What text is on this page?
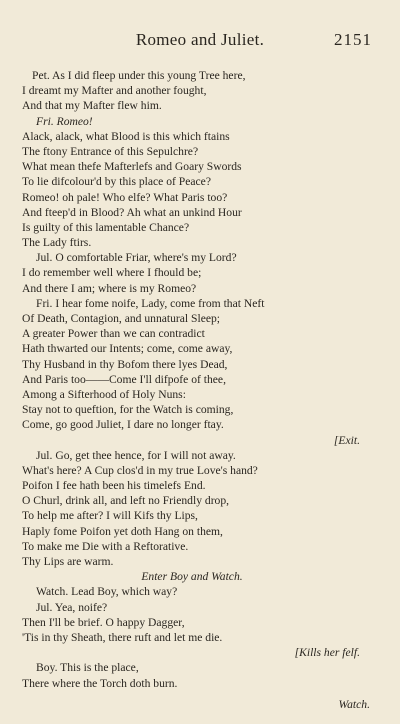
Romeo and Juliet.	2151
Pet. As I did fleep under this young Tree here,
I dreamt my Mafter and another fought,
And that my Mafter flew him.
Fri. Romeo!
Alack, alack, what Blood is this which ftains
The ftony Entrance of this Sepulchre?
What mean thefe Mafterlefs and Goary Swords
To lie difcolour'd by this place of Peace?
Romeo! oh pale! Who elfe? What Paris too?
And fteep'd in Blood? Ah what an unkind Hour
Is guilty of this lamentable Chance?
The Lady ftirs.
Jul. O comfortable Friar, where's my Lord?
I do remember well where I fhould be;
And there I am; where is my Romeo?
Fri. I hear fome noife, Lady, come from that Neft
Of Death, Contagion, and unnatural Sleep;
A greater Power than we can contradict
Hath thwarted our Intents; come, come away,
Thy Husband in thy Bofom there lyes Dead,
And Paris too——Come I'll difpofe of thee,
Among a Sifterhood of Holy Nuns:
Stay not to queftion, for the Watch is coming,
Come, go good Juliet, I dare no longer ftay.
[Exit.
Jul. Go, get thee hence, for I will not away.
What's here? A Cup clos'd in my true Love's hand?
Poifon I fee hath been his timelefs End.
O Churl, drink all, and left no Friendly drop,
To help me after? I will Kifs thy Lips,
Haply fome Poifon yet doth Hang on them,
To make me Die with a Reftorative.
Thy Lips are warm.
Enter Boy and Watch.
Watch. Lead Boy, which way?
Jul. Yea, noife?
Then I'll be brief. O happy Dagger,
'Tis in thy Sheath, there ruft and let me die.
[Kills her felf.
Boy. This is the place,
There where the Torch doth burn.
Watch.
